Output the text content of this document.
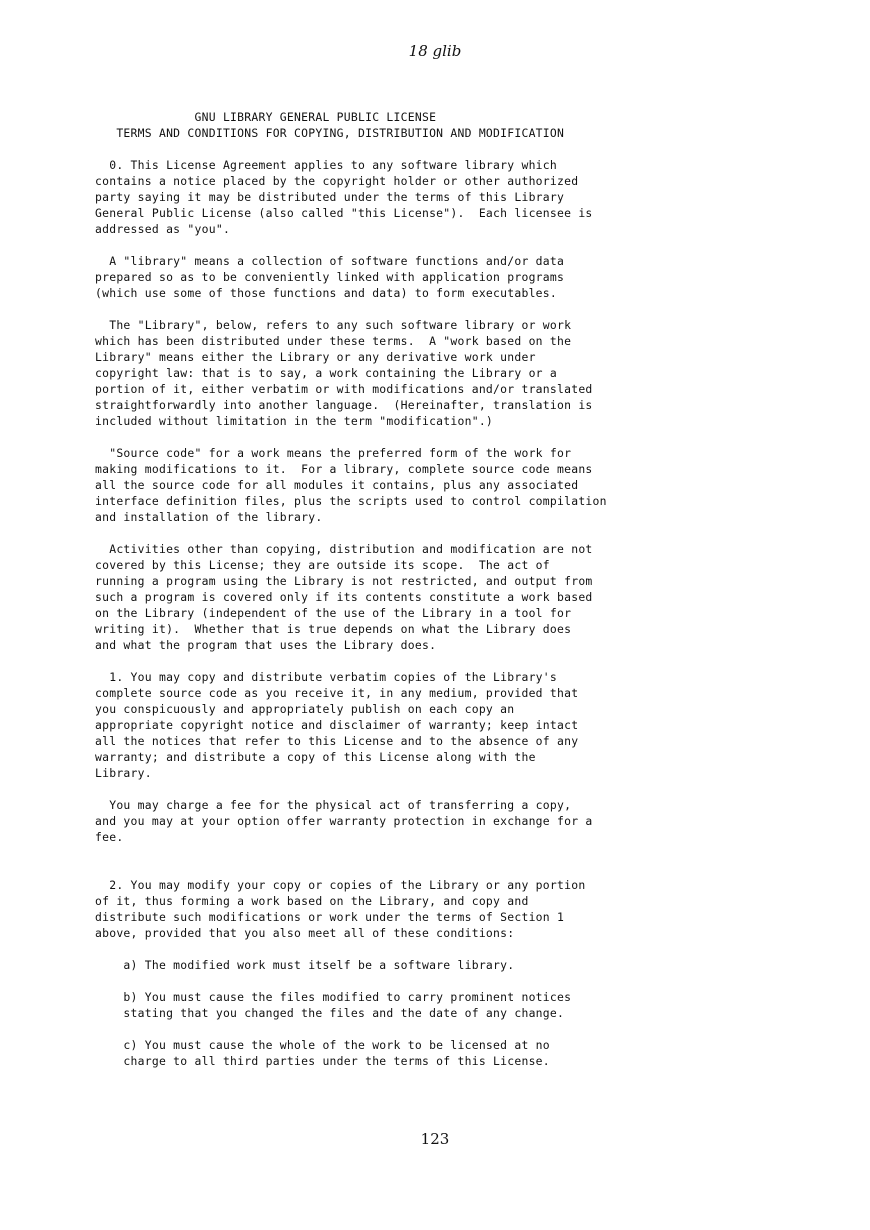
18 glib
GNU LIBRARY GENERAL PUBLIC LICENSE
TERMS AND CONDITIONS FOR COPYING, DISTRIBUTION AND MODIFICATION
0. This License Agreement applies to any software library which
contains a notice placed by the copyright holder or other authorized
party saying it may be distributed under the terms of this Library
General Public License (also called "this License").  Each licensee is
addressed as "you".
A "library" means a collection of software functions and/or data
prepared so as to be conveniently linked with application programs
(which use some of those functions and data) to form executables.
The "Library", below, refers to any such software library or work
which has been distributed under these terms.  A "work based on the
Library" means either the Library or any derivative work under
copyright law: that is to say, a work containing the Library or a
portion of it, either verbatim or with modifications and/or translated
straightforwardly into another language.  (Hereinafter, translation is
included without limitation in the term "modification".)
"Source code" for a work means the preferred form of the work for
making modifications to it.  For a library, complete source code means
all the source code for all modules it contains, plus any associated
interface definition files, plus the scripts used to control compilation
and installation of the library.
Activities other than copying, distribution and modification are not
covered by this License; they are outside its scope.  The act of
running a program using the Library is not restricted, and output from
such a program is covered only if its contents constitute a work based
on the Library (independent of the use of the Library in a tool for
writing it).  Whether that is true depends on what the Library does
and what the program that uses the Library does.
1. You may copy and distribute verbatim copies of the Library's
complete source code as you receive it, in any medium, provided that
you conspicuously and appropriately publish on each copy an
appropriate copyright notice and disclaimer of warranty; keep intact
all the notices that refer to this License and to the absence of any
warranty; and distribute a copy of this License along with the
Library.
You may charge a fee for the physical act of transferring a copy,
and you may at your option offer warranty protection in exchange for a
fee.
2. You may modify your copy or copies of the Library or any portion
of it, thus forming a work based on the Library, and copy and
distribute such modifications or work under the terms of Section 1
above, provided that you also meet all of these conditions:
a) The modified work must itself be a software library.
b) You must cause the files modified to carry prominent notices
stating that you changed the files and the date of any change.
c) You must cause the whole of the work to be licensed at no
charge to all third parties under the terms of this License.
123
